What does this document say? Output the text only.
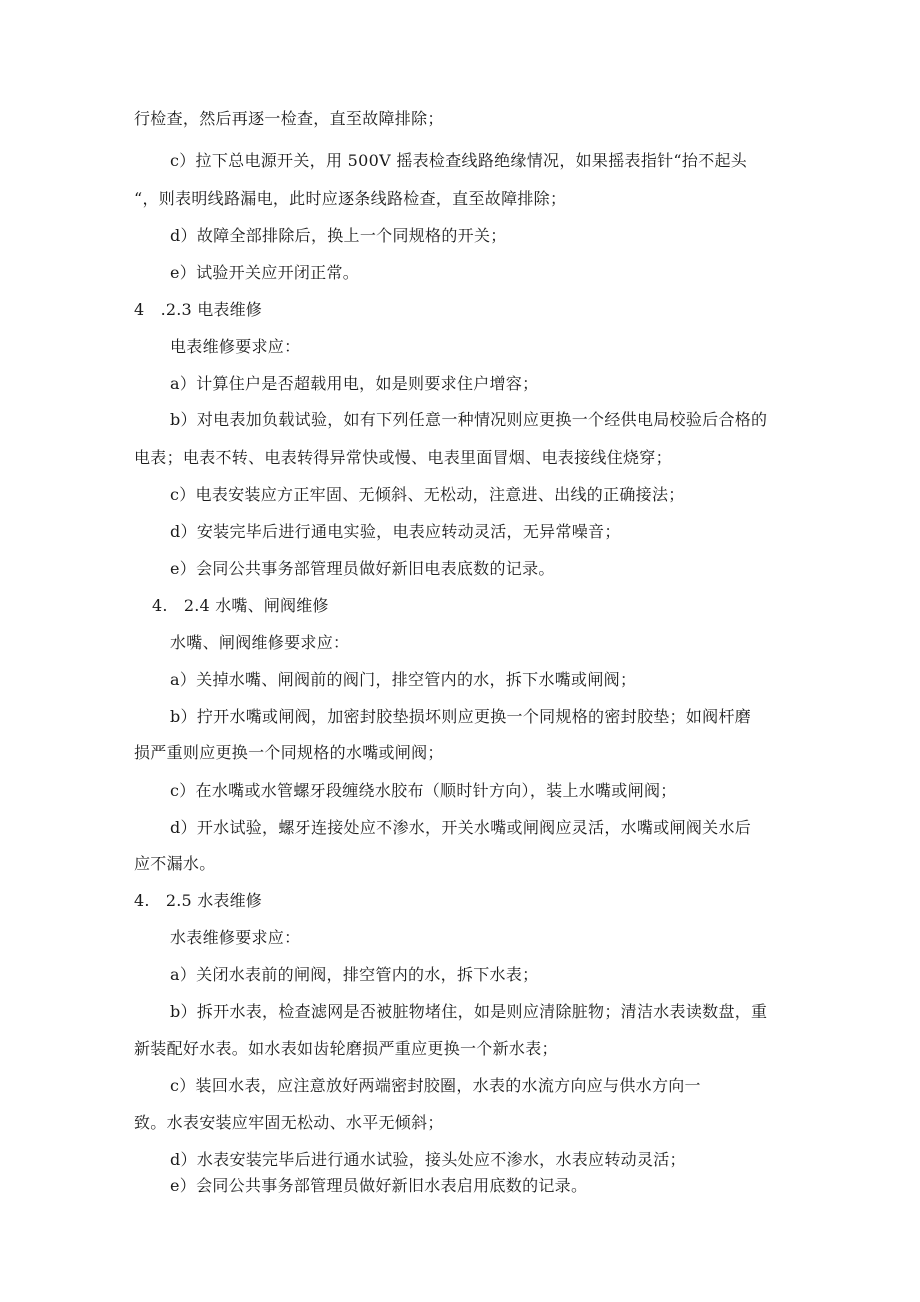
行检查，然后再逐一检查，直至故障排除；
c）拉下总电源开关，用 500V 摇表检查线路绝缘情况，如果摇表指针“抬不起头
“，则表明线路漏电，此时应逐条线路检查，直至故障排除；
d）故障全部排除后，换上一个同规格的开关；
e）试验开关应开闭正常。
4　.2.3 电表维修
电表维修要求应：
a）计算住户是否超载用电，如是则要求住户增容；
b）对电表加负载试验，如有下列任意一种情况则应更换一个经供电局校验后合格的
电表；电表不转、电表转得异常快或慢、电表里面冒烟、电表接线住烧穿；
c）电表安装应方正牢固、无倾斜、无松动，注意进、出线的正确接法；
d）安装完毕后进行通电实验，电表应转动灵活，无异常噪音；
e）会同公共事务部管理员做好新旧电表底数的记录。
4.　2.4 水嘴、闸阀维修
水嘴、闸阀维修要求应：
a）关掉水嘴、闸阀前的阀门，排空管内的水，拆下水嘴或闸阀；
b）拧开水嘴或闸阀，加密封胶垫损坏则应更换一个同规格的密封胶垫；如阀杆磨
损严重则应更换一个同规格的水嘴或闸阀；
c）在水嘴或水管螺牙段缠绕水胶布（顺时针方向），装上水嘴或闸阀；
d）开水试验，螺牙连接处应不渗水，开关水嘴或闸阀应灵活，水嘴或闸阀关水后
应不漏水。
4.　2.5 水表维修
水表维修要求应：
a）关闭水表前的闸阀，排空管内的水，拆下水表；
b）拆开水表，检查滤网是否被脏物堵住，如是则应清除脏物；清洁水表读数盘，重
新装配好水表。如水表如齿轮磨损严重应更换一个新水表；
c）装回水表，应注意放好两端密封胶圈，水表的水流方向应与供水方向一
致。水表安装应牢固无松动、水平无倾斜；
d）水表安装完毕后进行通水试验，接头处应不渗水，水表应转动灵活；
e）会同公共事务部管理员做好新旧水表启用底数的记录。
